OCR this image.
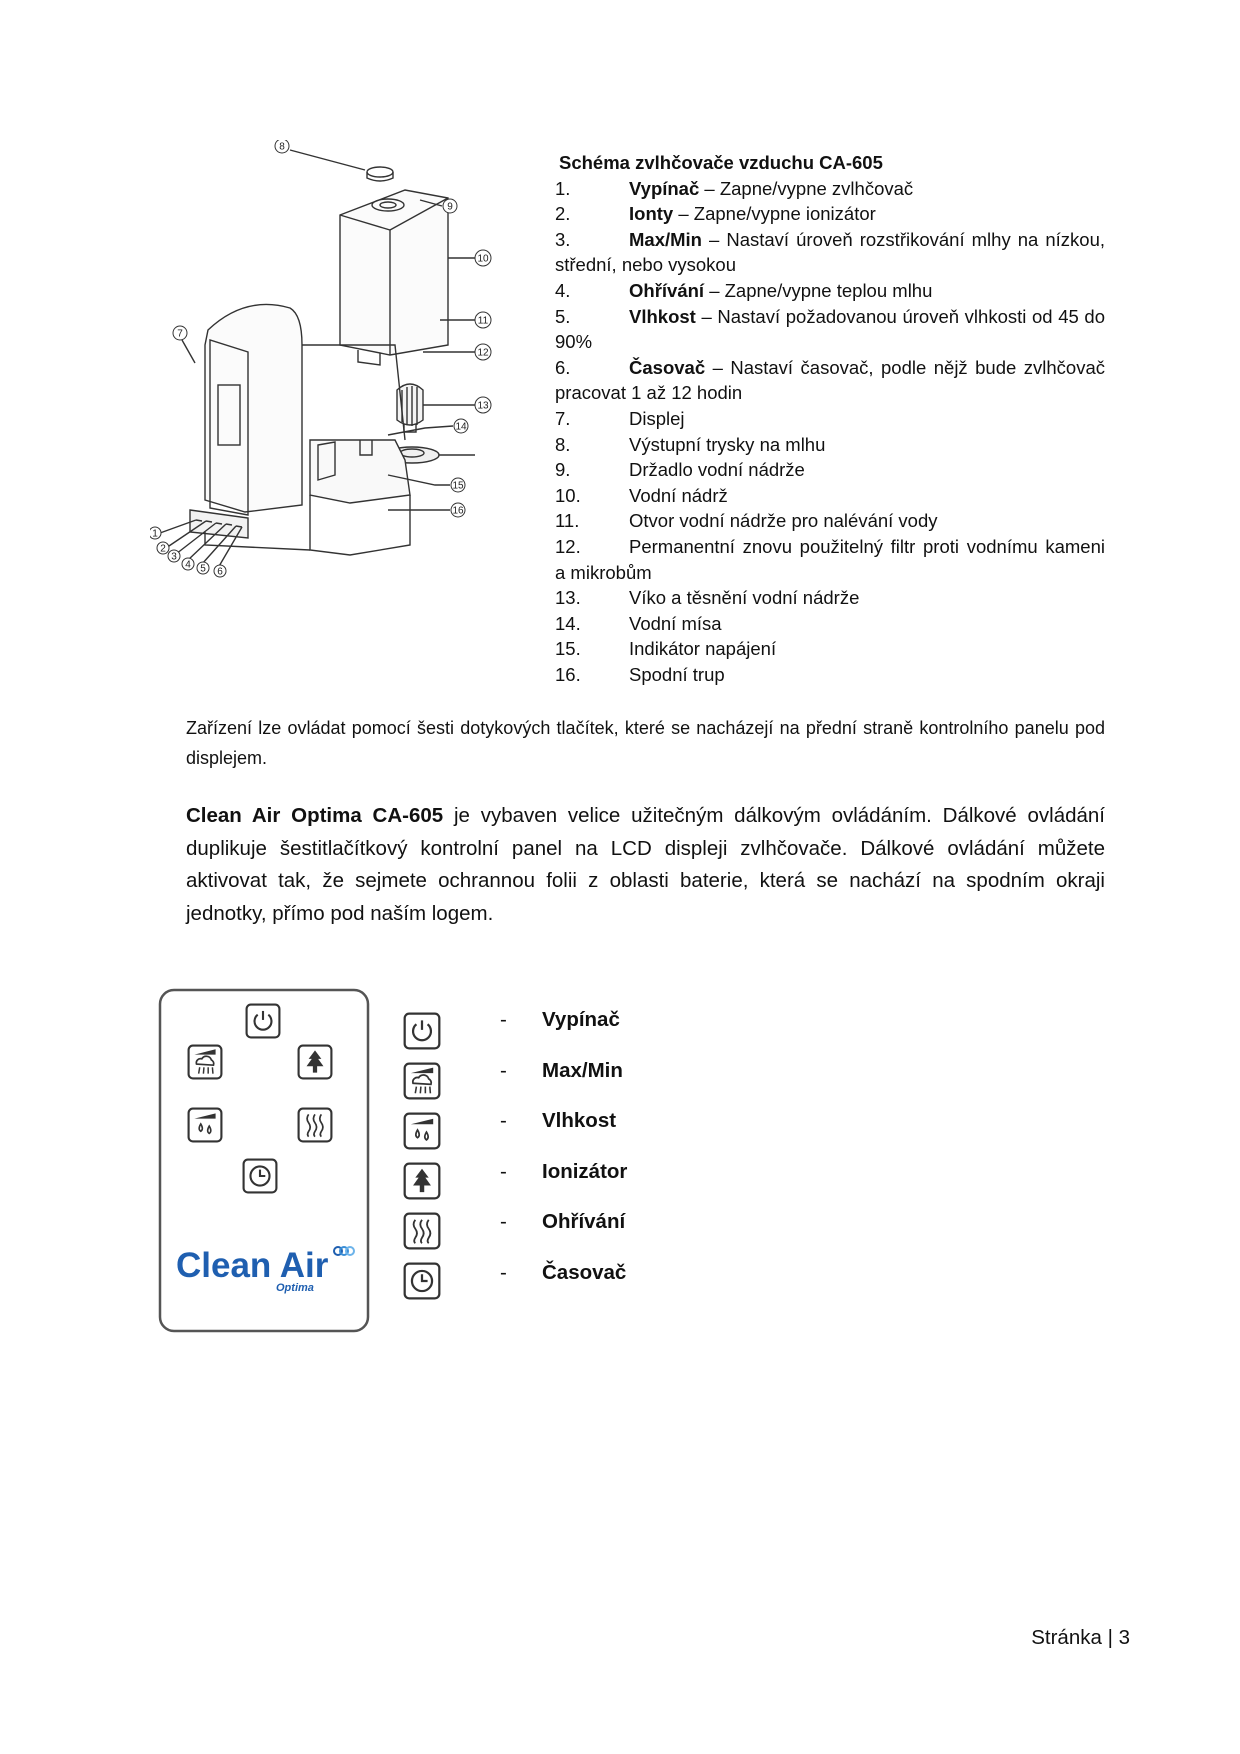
8
9
10
11
12
13
14
15
16
7
1
2
3
4 5 6
Schéma zvlhčovače vzduchu CA-605
1.	Vypínač – Zapne/vypne zvlhčovač
2.	Ionty – Zapne/vypne ionizátor
3.	Max/Min – Nastaví úroveň rozstřikování mlhy na nízkou, střední, nebo vysokou
4.	Ohřívání – Zapne/vypne teplou mlhu
5.	Vlhkost – Nastaví požadovanou úroveň vlhkosti od 45 do 90%
6.	Časovač – Nastaví časovač, podle nějž bude zvlhčovač pracovat 1 až 12 hodin
7.	Displej
8.	Výstupní trysky na mlhu
9.	Držadlo vodní nádrže
10.	Vodní nádrž
11.	Otvor vodní nádrže pro nalévání vody
12.	Permanentní znovu použitelný filtr proti vodnímu kameni a mikrobům
13.	Víko a těsnění vodní nádrže
14.	Vodní mísa
15.	Indikátor napájení
16.	Spodní trup
Zařízení lze ovládat pomocí šesti dotykových tlačítek, které se nacházejí na přední straně kontrolního panelu pod displejem.
Clean Air Optima CA-605 je vybaven velice užitečným dálkovým ovládáním. Dálkové ovládání duplikuje šestitlačítkový kontrolní panel na LCD displeji zvlhčovače. Dálkové ovládání můžete aktivovat tak, že sejmete ochrannou folii z oblasti baterie, která se nachází na spodním okraji jednotky, přímo pod naším logem.
Clean Air
Optima
-	Vypínač
-	Max/Min
-	Vlhkost
-	Ionizátor
-	Ohřívání
-	Časovač
Stránka | 3
